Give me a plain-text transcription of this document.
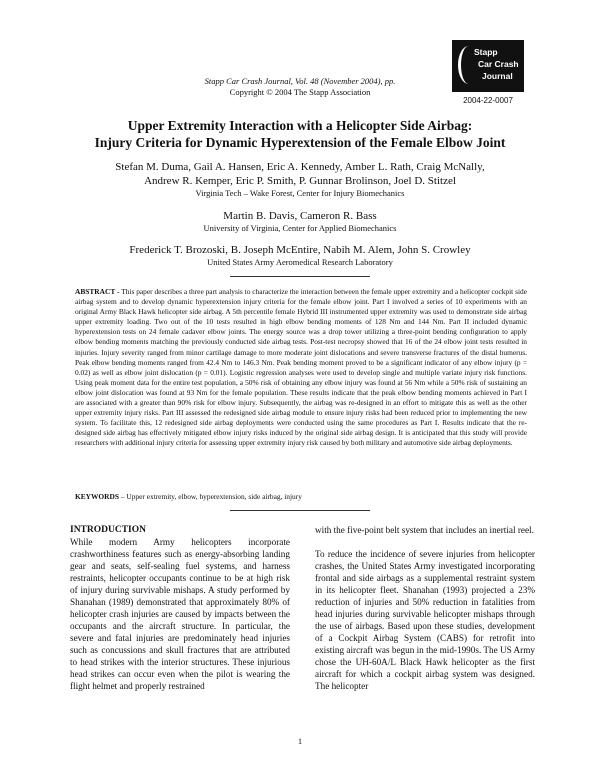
Stapp
Car Crash
Journal
2004-22-0007
Stapp Car Crash Journal, Vol. 48 (November 2004), pp.
Copyright © 2004 The Stapp Association
Upper Extremity Interaction with a Helicopter Side Airbag:
Injury Criteria for Dynamic Hyperextension of the Female Elbow Joint
Stefan M. Duma, Gail A. Hansen, Eric A. Kennedy, Amber L. Rath, Craig McNally,
Andrew R. Kemper, Eric P. Smith, P. Gunnar Brolinson, Joel D. Stitzel
Virginia Tech – Wake Forest, Center for Injury Biomechanics
Martin B. Davis, Cameron R. Bass
University of Virginia, Center for Applied Biomechanics
Frederick T. Brozoski, B. Joseph McEntire, Nabih M. Alem, John S. Crowley
United States Army Aeromedical Research Laboratory
ABSTRACT - This paper describes a three part analysis to characterize the interaction between the female upper extremity and a helicopter cockpit side airbag system and to develop dynamic hyperextension injury criteria for the female elbow joint. Part I involved a series of 10 experiments with an original Army Black Hawk helicopter side airbag. A 5th percentile female Hybrid III instrumented upper extremity was used to demonstrate side airbag upper extremity loading. Two out of the 10 tests resulted in high elbow bending moments of 128 Nm and 144 Nm. Part II included dynamic hyperextension tests on 24 female cadaver elbow joints. The energy source was a drop tower utilizing a three-point bending configuration to apply elbow bending moments matching the previously conducted side airbag tests. Post-test necropsy showed that 16 of the 24 elbow joint tests resulted in injuries. Injury severity ranged from minor cartilage damage to more moderate joint dislocations and severe transverse fractures of the distal humerus. Peak elbow bending moments ranged from 42.4 Nm to 146.3 Nm. Peak bending moment proved to be a significant indicator of any elbow injury (p = 0.02) as well as elbow joint dislocation (p = 0.01). Logistic regression analyses were used to develop single and multiple variate injury risk functions. Using peak moment data for the entire test population, a 50% risk of obtaining any elbow injury was found at 56 Nm while a 50% risk of sustaining an elbow joint dislocation was found at 93 Nm for the female population. These results indicate that the peak elbow bending moments achieved in Part I are associated with a greater than 90% risk for elbow injury. Subsequently, the airbag was re-designed in an effort to mitigate this as well as the other upper extremity injury risks. Part III assessed the redesigned side airbag module to ensure injury risks had been reduced prior to implementing the new system. To facilitate this, 12 redesigned side airbag deployments were conducted using the same procedures as Part I. Results indicate that the re-designed side airbag has effectively mitigated elbow injury risks induced by the original side airbag design. It is anticipated that this study will provide researchers with additional injury criteria for assessing upper extremity injury risk caused by both military and automotive side airbag deployments.
KEYWORDS – Upper extremity, elbow, hyperextension, side airbag, injury
INTRODUCTION

While modern Army helicopters incorporate crashworthiness features such as energy-absorbing landing gear and seats, self-sealing fuel systems, and harness restraints, helicopter occupants continue to be at high risk of injury during survivable mishaps. A study performed by Shanahan (1989) demonstrated that approximately 80% of helicopter crash injuries are caused by impacts between the occupants and the aircraft structure. In particular, the severe and fatal injuries are predominately head injuries such as concussions and skull fractures that are attributed to head strikes with the interior structures. These injurious head strikes can occur even when the pilot is wearing the flight helmet and properly restrained

with the five-point belt system that includes an inertial reel.

To reduce the incidence of severe injuries from helicopter crashes, the United States Army investigated incorporating frontal and side airbags as a supplemental restraint system in its helicopter fleet. Shanahan (1993) projected a 23% reduction of injuries and 50% reduction in fatalities from head injuries during survivable helicopter mishaps through the use of airbags. Based upon these studies, development of a Cockpit Airbag System (CABS) for retrofit into existing aircraft was begun in the mid-1990s. The US Army chose the UH-60A/L Black Hawk helicopter as the first aircraft for which a cockpit airbag system was designed. The helicopter

1
